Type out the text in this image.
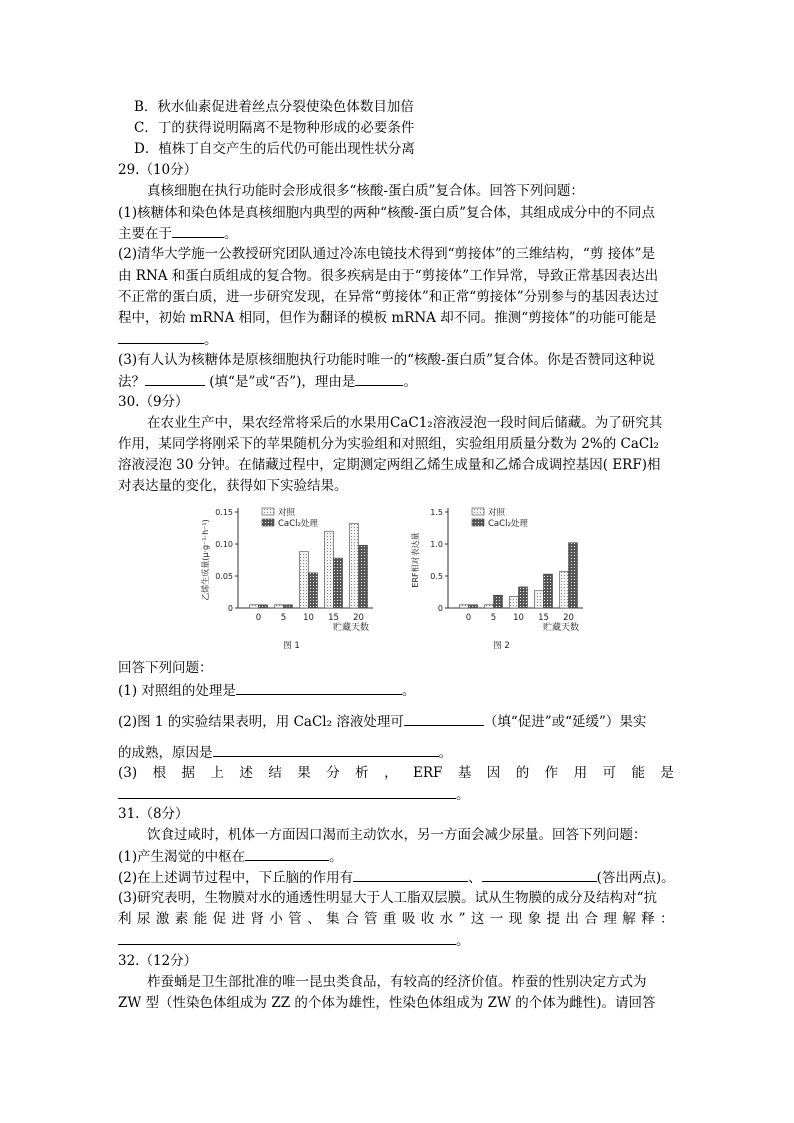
B．秋水仙素促进着丝点分裂使染色体数目加倍
C．丁的获得说明隔离不是物种形成的必要条件
D．植株丁自交产生的后代仍可能出现性状分离
29.（10分）
真核细胞在执行功能时会形成很多“核酸-蛋白质”复合体。回答下列问题：
(1)核糖体和染色体是真核细胞内典型的两种“核酸-蛋白质”复合体，其组成成分中的不同点
主要在于	。
(2)清华大学施一公教授研究团队通过冷冻电镜技术得到“剪接体”的三维结构，“剪 接体”是
由 RNA 和蛋白质组成的复合物。很多疾病是由于“剪接体”工作异常，导致正常基因表达出
不正常的蛋白质，进一步研究发现，在异常“剪接体”和正常“剪接体”分别参与的基因表达过
程中，初始 mRNA 相同，但作为翻译的模板 mRNA 却不同。推测“剪接体”的功能可能是
。
(3)有人认为核糖体是原核细胞执行功能时唯一的“核酸-蛋白质”复合体。你是否赞同这种说
法？	(填“是”或“否”)，理由是	。
30.（9分）
在农业生产中，果农经常将采后的水果用CaC1₂溶液浸泡一段时间后储藏。为了研究其
作用，某同学将刚采下的苹果随机分为实验组和对照组，实验组用质量分数为 2%的 CaCl₂
溶液浸泡 30 分钟。在储藏过程中，定期测定两组乙烯生成量和乙烯合成调控基因( ERF)相
对表达量的变化，获得如下实验结果。
0
0.05
0.10
0.15
乙烯生成量(μ·g⁻¹·h⁻¹)
0 5 10 15 20
贮藏天数
对照
CaCl₂处理
图 1
0
0.5
1.0
1.5
ERF相对表达量
0 5 10 15 20
贮藏天数
对照
CaCl₂处理
图 2
回答下列问题：
(1) 对照组的处理是	。
(2)图 1 的实验结果表明，用 CaCl₂ 溶液处理可	（填“促进”或“延缓”）果实
的成熟，原因是	。
(3) 根 据 上 述 结 果 分 析 ， ERF 基 因 的 作 用 可 能 是
。
31.（8分）
饮食过咸时，机体一方面因口渴而主动饮水，另一方面会减少尿量。回答下列问题：
(1)产生渴觉的中枢在	。
(2)在上述调节过程中，下丘脑的作用有	、	(答出两点)。
(3)研究表明，生物膜对水的通透性明显大于人工脂双层膜。试从生物膜的成分及结构对“抗
利 尿 激 素 能 促 进 肾 小 管 、 集 合 管 重 吸 收 水 ” 这 一 现 象 提 出 合 理 解 释 ：
。
32.（12分）
柞蚕蛹是卫生部批准的唯一昆虫类食品，有较高的经济价值。柞蚕的性别决定方式为
ZW 型（性染色体组成为 ZZ 的个体为雄性，性染色体组成为 ZW 的个体为雌性)。请回答
